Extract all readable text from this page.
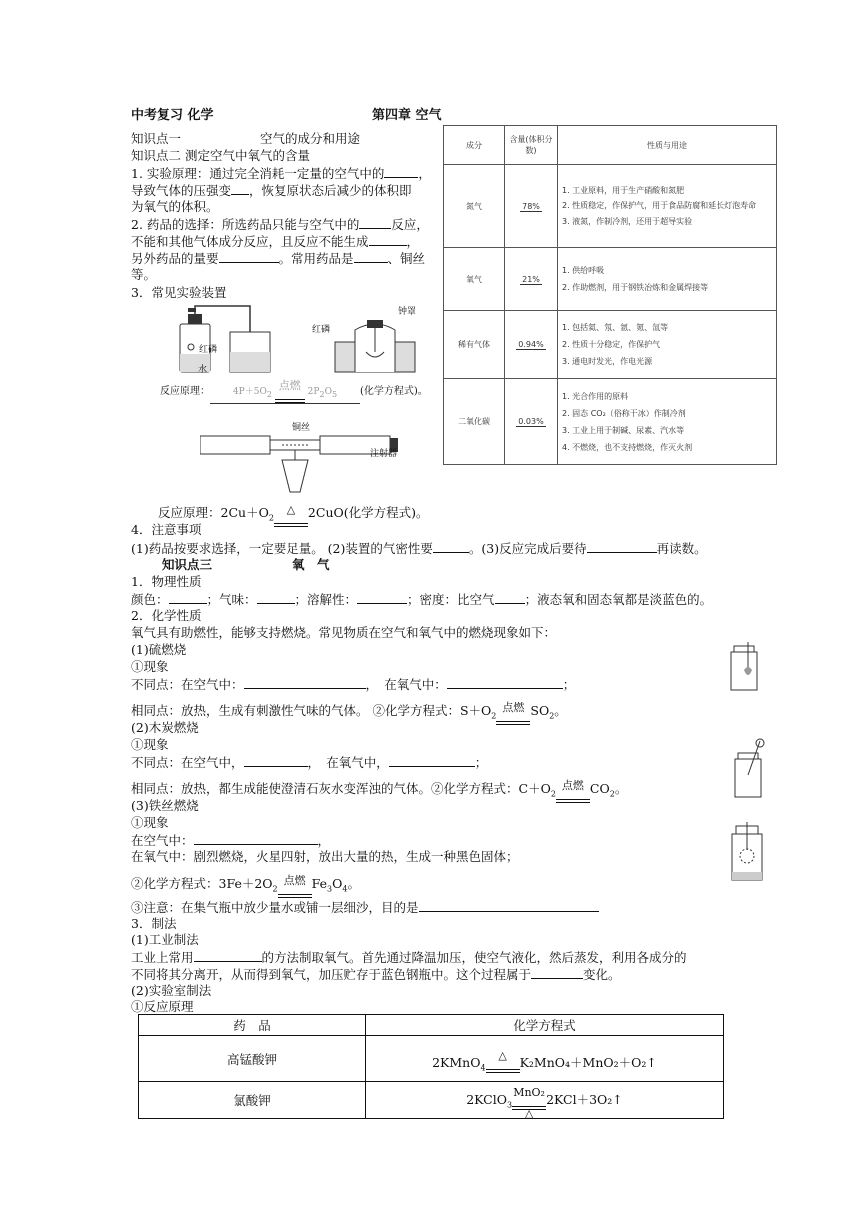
中考复习 化学	第四章 空气
知识点一	空气的成分和用途
知识点二 测定空气中氧气的含量
1. 实验原理：通过完全消耗一定量的空气中的	，
导致气体的压强变 ，恢复原状态后减少的体积即
为氧气的体积。
2. 药品的选择：所选药品只能与空气中的	反应，
不能和其他气体成分反应，且反应不能生成	，
另外药品的量要	。常用药品是	、铜丝
等。
3．常见实验装置
红磷
水
红磷
钟罩
反应原理：	$4P+5O_2$
点燃
$2P_2O_5$ (化学方程式)。
铜丝
注射器
反应原理：$2Cu+O_2$
△	2CuO(化学方程式)。
4．注意事项
(1)药品按要求选择，一定要足量。 (2)装置的气密性要	。(3)反应完成后要待	再读数。
成分	含量(体积分数)	性质与用途
氮气	78%	1. 工业原料，用于生产硝酸和氮肥
2. 性质稳定，作保护气，用于食品防腐和延长灯泡寿命
3. 液氮，作制冷剂，还用于超导实验

氧气	21%	1. 供给呼吸
2. 作助燃剂，用于钢铁冶炼和金属焊接等

稀有气体	0.94%	1. 包括氦、氖、氩、氪、氙等
2. 性质十分稳定，作保护气
3. 通电时发光，作电光源

二氧化碳	0.03%	1. 光合作用的原料
2. 固态 CO₂（俗称干冰）作制冷剂
3. 工业上用于制碱、尿素、汽水等
4. 不燃烧，也不支持燃烧，作灭火剂
知识点三	氧　气
1．物理性质
颜色：	；气味：	；溶解性：	；密度：比空气 ；液态氧和固态氧都是淡蓝色的。
2．化学性质
氧气具有助燃性，能够支持燃烧。常见物质在空气和氧气中的燃烧现象如下：
(1)硫燃烧
①现象
不同点：在空气中：	，　在氧气中：	；
相同点：放热，生成有刺激性气味的气体。 ②化学方程式：$S+O_2$
点燃 $SO_2$。
(2)木炭燃烧
①现象
不同点：在空气中，	，　在氧气中，	；
相同点：放热，都生成能使澄清石灰水变浑浊的气体。②化学方程式：$C+O_2$
点燃 $CO_2$。
(3)铁丝燃烧
①现象
在空气中：	，
在氧气中：剧烈燃烧，火星四射，放出大量的热，生成一种黑色固体；
②化学方程式：$3Fe+2O_2$
点燃 $Fe_3O_4$。
③注意：在集气瓶中放少量水或铺一层细沙，目的是
3．制法
(1)工业制法
工业上常用	的方法制取氧气。首先通过降温加压，使空气液化，然后蒸发，利用各成分的
不同将其分离开，从而得到氧气，加压贮存于蓝色钢瓶中。这个过程属于	变化。
(2)实验室制法
①反应原理
药　品	化学方程式
高锰酸钾	2KMnO$_4$
△ K₂MnO₄＋MnO₂＋O₂↑
氯酸钾	2KClO$_3$
MnO₂
△
2KCl＋3O₂↑
